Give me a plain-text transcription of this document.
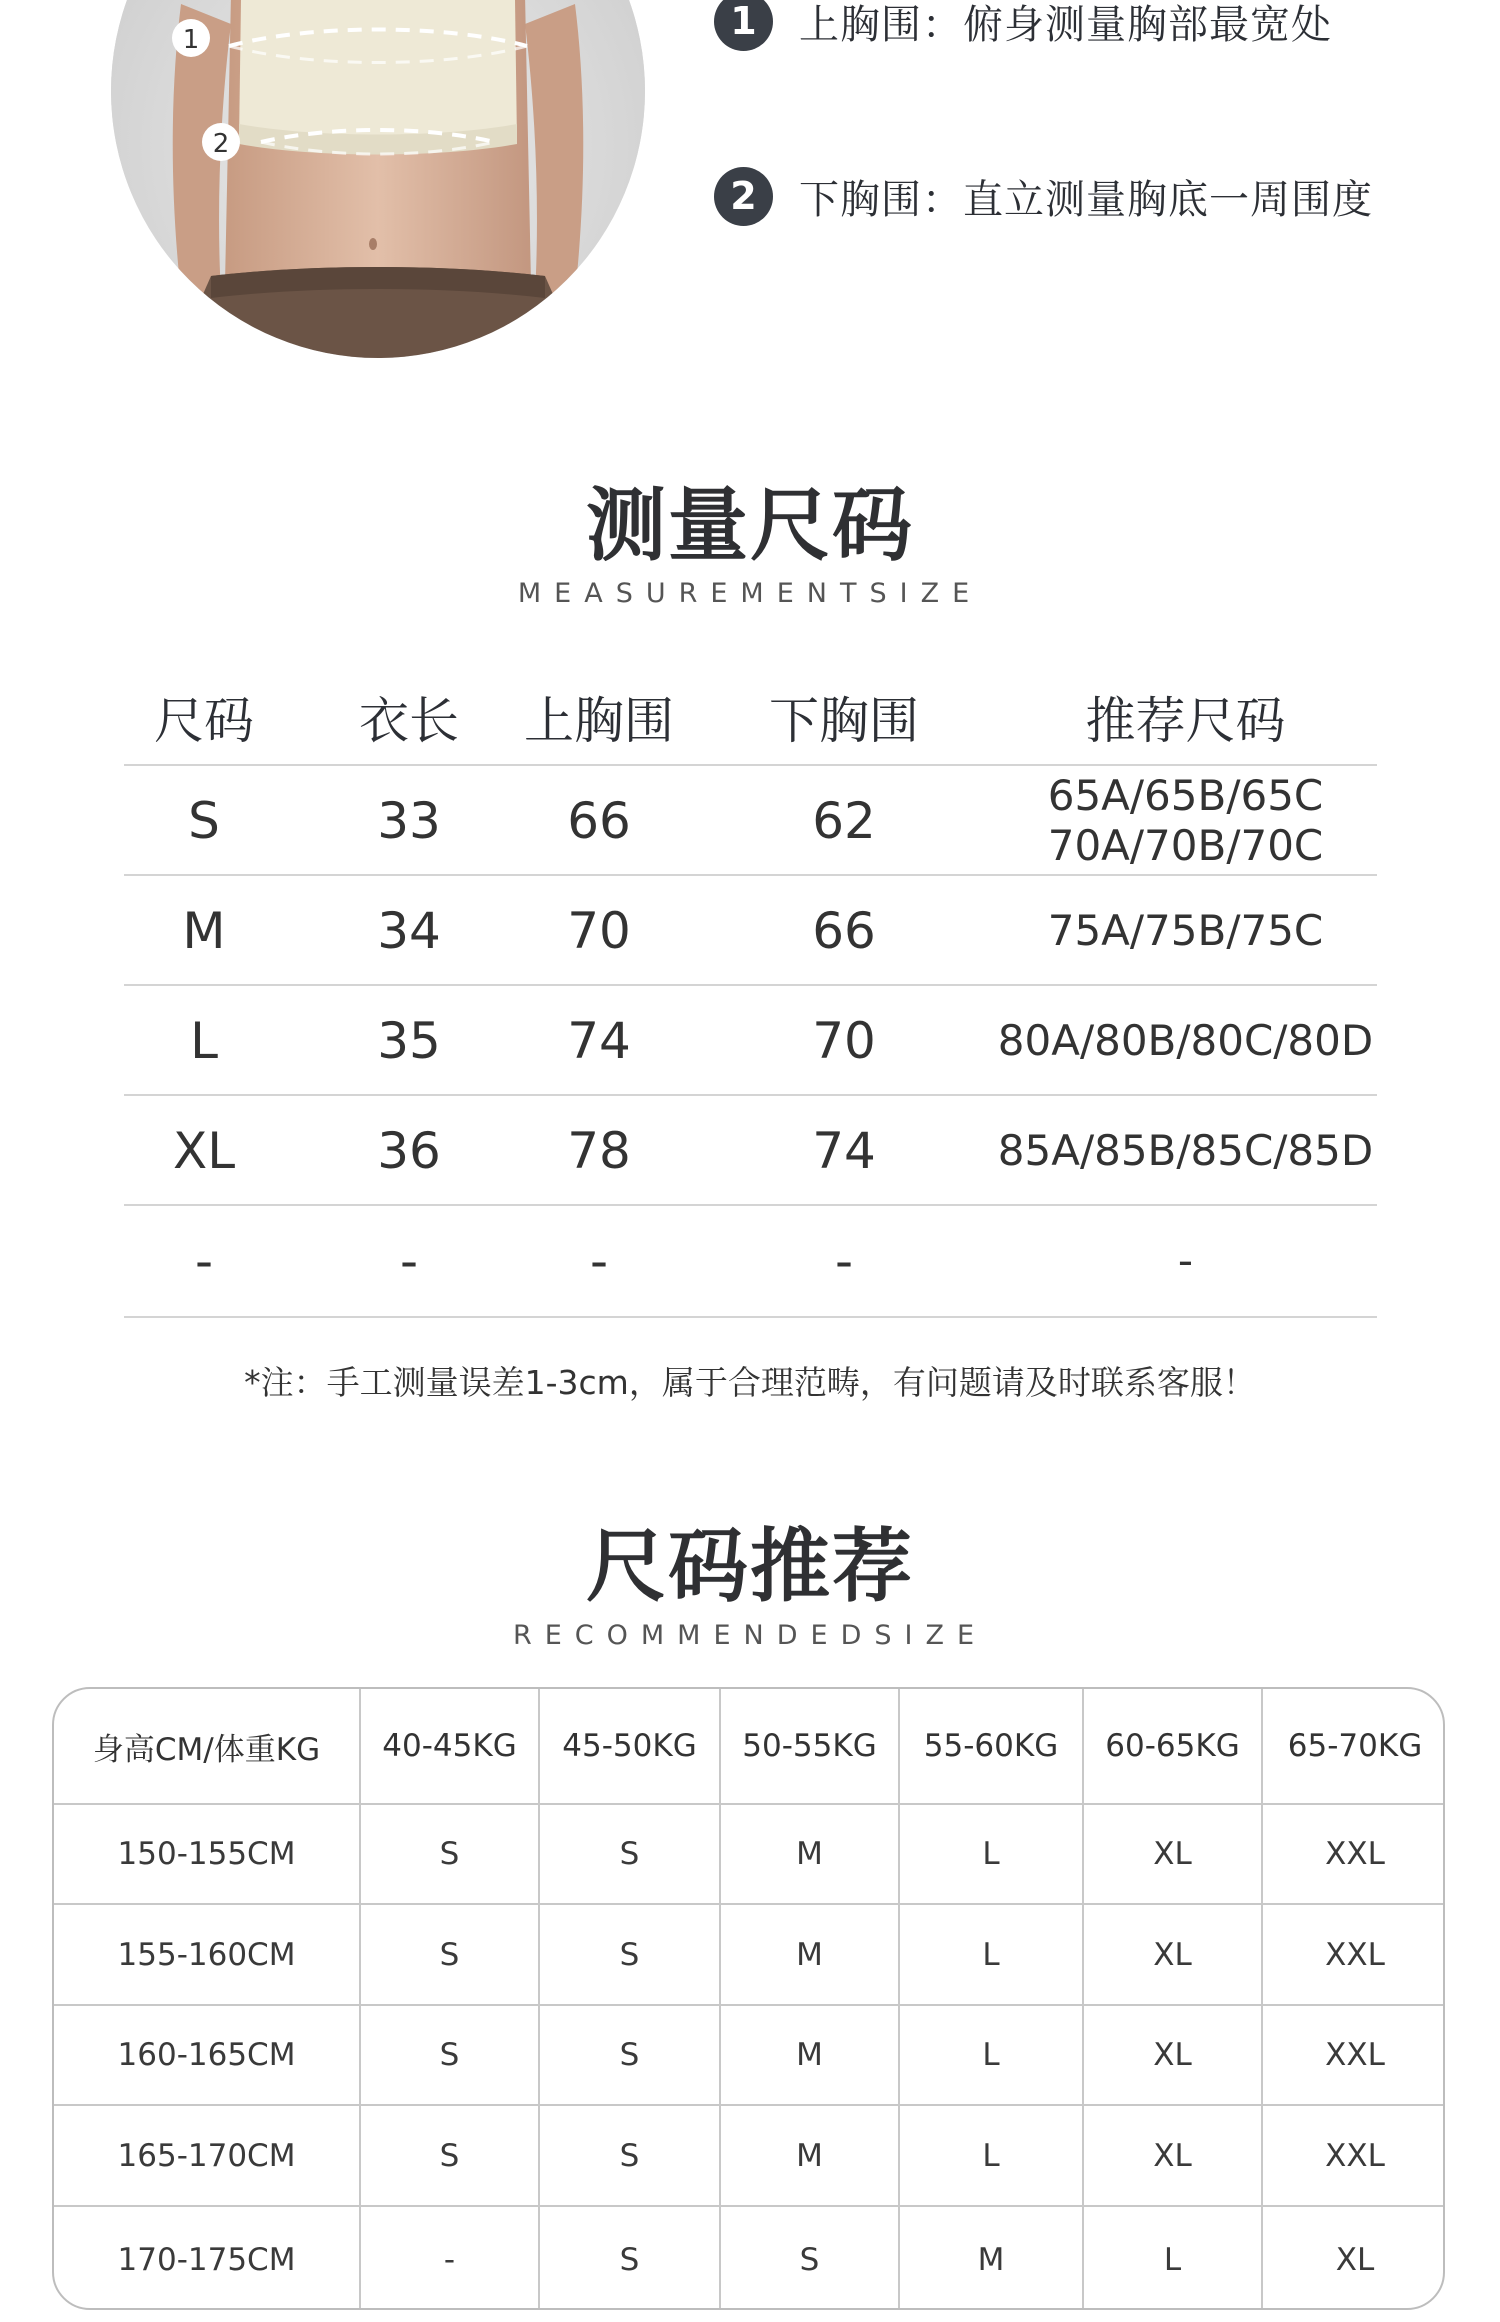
1
2
1	上胸围：俯身测量胸部最宽处
2	下胸围：直立测量胸底一周围度
测量尺码
MEASUREMENTSIZE
尺码	衣长	上胸围	下胸围	推荐尺码
S	33	66	62	65A/65B/65C
70A/70B/70C
M	34	70	66	75A/75B/75C
L	35	74	70	80A/80B/80C/80D
XL	36	78	74	85A/85B/85C/85D
-	-	-	-	-
*注：手工测量误差1-3cm，属于合理范畴，有问题请及时联系客服！
尺码推荐
RECOMMENDEDSIZE
身高CM/体重KG	40-45KG	45-50KG	50-55KG	55-60KG	60-65KG	65-70KG
150-155CM	S	S	M	L	XL	XXL
155-160CM	S	S	M	L	XL	XXL
160-165CM	S	S	M	L	XL	XXL
165-170CM	S	S	M	L	XL	XXL
170-175CM	-	S	S	M	L	XL
